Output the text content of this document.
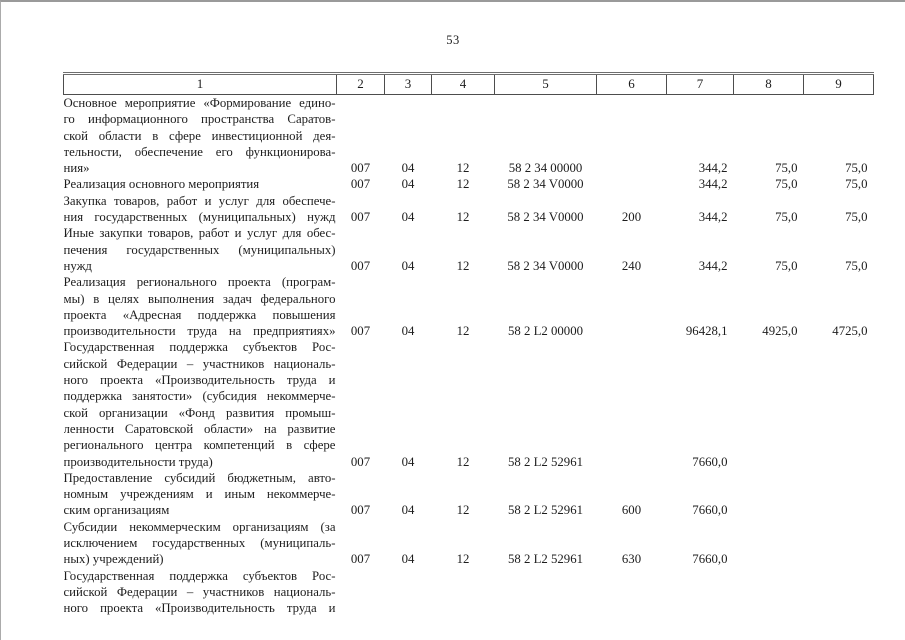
53
1	2	3	4	5	6	7	8	9

Основное мероприятие «Формирование едино-
го информационного пространства Саратов-
ской области в сфере инвестиционной дея-
тельности, обеспечение его функционирова-
ния»	007	04	12	58 2 34 00000		344,2	75,0	75,0

Реализация основного мероприятия	007	04	12	58 2 34 V0000		344,2	75,0	75,0

Закупка товаров, работ и услуг для обеспече-
ния государственных (муниципальных) нужд	007	04	12	58 2 34 V0000	200	344,2	75,0	75,0

Иные закупки товаров, работ и услуг для обес-
печения государственных (муниципальных)
нужд	007	04	12	58 2 34 V0000	240	344,2	75,0	75,0

Реализация регионального проекта (програм-
мы) в целях выполнения задач федерального
проекта «Адресная поддержка повышения
производительности труда на предприятиях»	007	04	12	58 2 L2 00000		96428,1	4925,0	4725,0

Государственная поддержка субъектов Рос-
сийской Федерации – участников националь-
ного проекта «Производительность труда и
поддержка занятости» (субсидия некоммерче-
ской организации «Фонд развития промыш-
ленности Саратовской области» на развитие
регионального центра компетенций в сфере
производительности труда)	007	04	12	58 2 L2 52961		7660,0		

Предоставление субсидий бюджетным, авто-
номным учреждениям и иным некоммерче-
ским организациям	007	04	12	58 2 L2 52961	600	7660,0		

Субсидии некоммерческим организациям (за
исключением государственных (муниципаль-
ных) учреждений)	007	04	12	58 2 L2 52961	630	7660,0		

Государственная поддержка субъектов Рос-
сийской Федерации – участников националь-
ного проекта «Производительность труда и								
